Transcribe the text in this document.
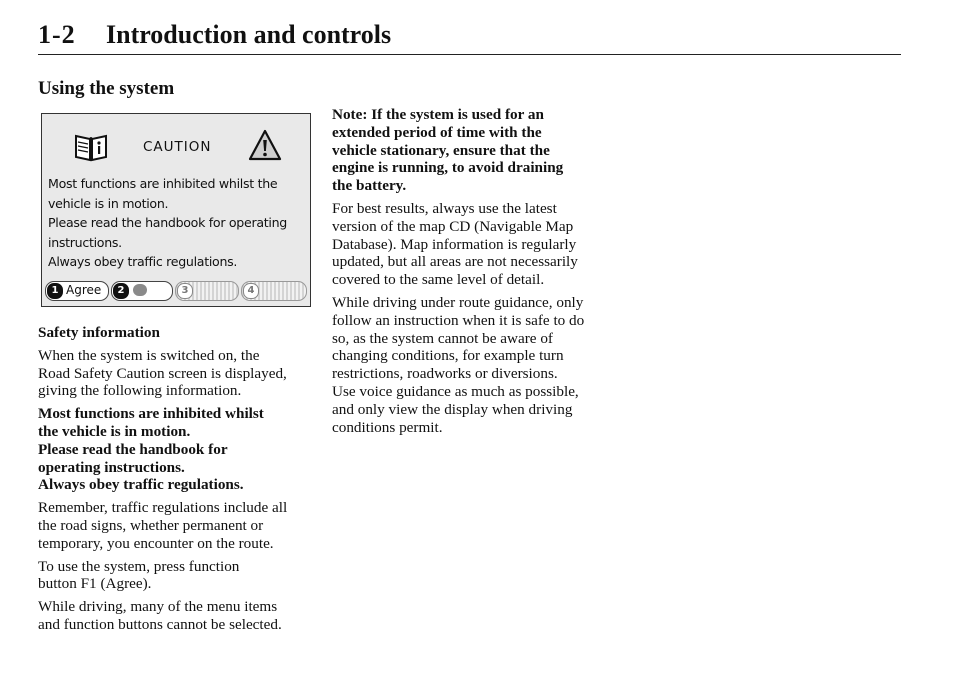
1-2 Introduction and controls
Using the system
CAUTION
Most functions are inhibited whilst the
vehicle is in motion.
Please read the handbook for operating
instructions.
Always obey traffic regulations.
1 Agree	2	3	4

Safety information

When the system is switched on, the
Road Safety Caution screen is displayed,
giving the following information.

Most functions are inhibited whilst
the vehicle is in motion.
Please read the handbook for
operating instructions.
Always obey traffic regulations.

Remember, traffic regulations include all
the road signs, whether permanent or
temporary, you encounter on the route.

To use the system, press function
button F1 (Agree).

While driving, many of the menu items
and function buttons cannot be selected.

Note: If the system is used for an
extended period of time with the
vehicle stationary, ensure that the
engine is running, to avoid draining
the battery.

For best results, always use the latest
version of the map CD (Navigable Map
Database). Map information is regularly
updated, but all areas are not necessarily
covered to the same level of detail.

While driving under route guidance, only
follow an instruction when it is safe to do
so, as the system cannot be aware of
changing conditions, for example turn
restrictions, roadworks or diversions.
Use voice guidance as much as possible,
and only view the display when driving
conditions permit.
